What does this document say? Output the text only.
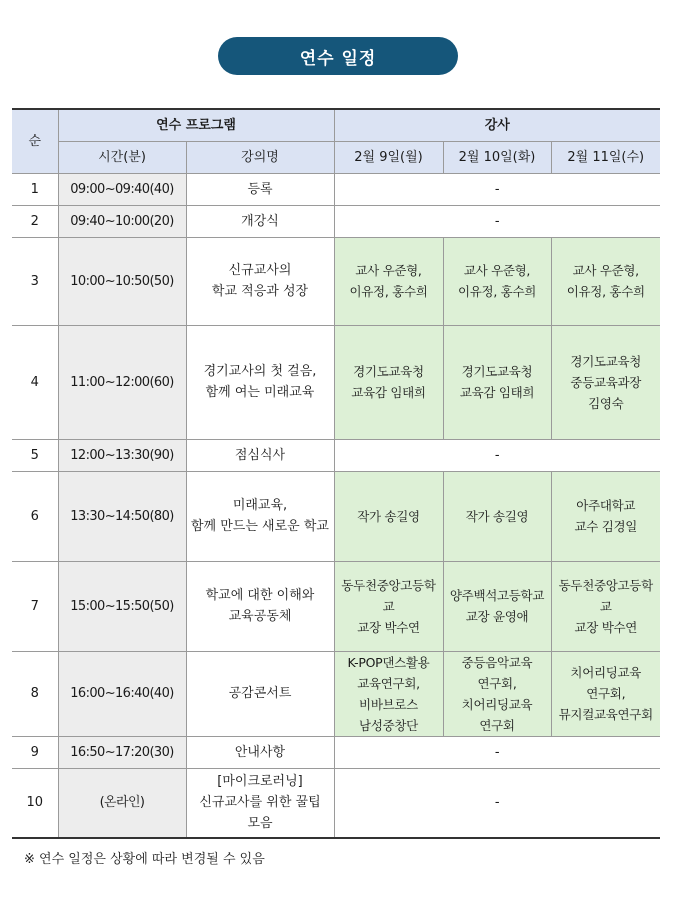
연수 일정
순	연수 프로그램		강사		
	시간(분)	강의명	2월 9일(월)	2월 10일(화)	2월 11일(수)
1	09:00~09:40(40)	등록	-		
2	09:40~10:00(20)	개강식	-		
3	10:00~10:50(50)	신규교사의
학교 적응과 성장	교사 우준형,
이유정, 홍수희	교사 우준형,
이유정, 홍수희	교사 우준형,
이유정, 홍수희

4	11:00~12:00(60)	경기교사의 첫 걸음,
함께 여는 미래교육	경기도교육청
교육감 임태희	경기도교육청
교육감 임태희	경기도교육청
중등교육과장
김영숙

5	12:00~13:30(90)	점심식사	-		
6	13:30~14:50(80)	미래교육,
함께 만드는 새로운 학교	작가 송길영	작가 송길영	아주대학교
교수 김경일

7	15:00~15:50(50)	학교에 대한 이해와
교육공동체	동두천중앙고등학교
교장 박수연	양주백석고등학교
교장 윤영애	동두천중앙고등학교
교장 박수연

8	16:00~16:40(40)	공감콘서트	K-POP댄스활용
교육연구회,
비바브로스
남성중창단	중등음악교육
연구회,
치어리딩교육
연구회	치어리딩교육
연구회,
뮤지컬교육연구회

9	16:50~17:20(30)	안내사항	-		
10	(온라인)	[마이크로러닝]
신규교사를 위한 꿀팁
모음	-		
※ 연수 일정은 상황에 따라 변경될 수 있음
